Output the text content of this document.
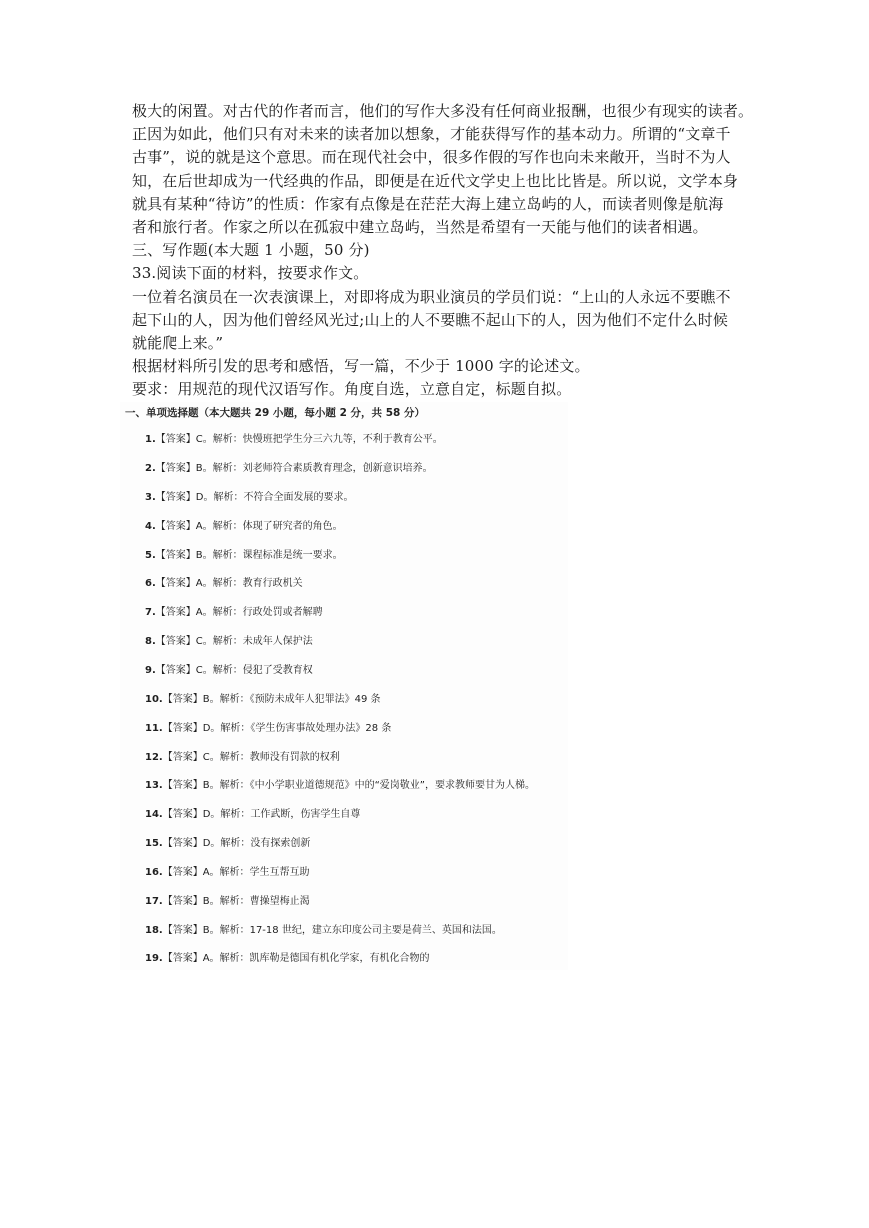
极大的闲置。对古代的作者而言，他们的写作大多没有任何商业报酬，也很少有现实的读者。
正因为如此，他们只有对未来的读者加以想象，才能获得写作的基本动力。所谓的“文章千
古事”，说的就是这个意思。而在现代社会中，很多作假的写作也向未来敞开，当时不为人
知，在后世却成为一代经典的作品，即便是在近代文学史上也比比皆是。所以说，文学本身
就具有某种“待访”的性质：作家有点像是在茫茫大海上建立岛屿的人，而读者则像是航海
者和旅行者。作家之所以在孤寂中建立岛屿，当然是希望有一天能与他们的读者相遇。
三、写作题(本大题 1 小题，50 分)
33.阅读下面的材料，按要求作文。
一位着名演员在一次表演课上，对即将成为职业演员的学员们说：“上山的人永远不要瞧不
起下山的人，因为他们曾经风光过;山上的人不要瞧不起山下的人，因为他们不定什么时候
就能爬上来。”
根据材料所引发的思考和感悟，写一篇，不少于 1000 字的论述文。
要求：用规范的现代汉语写作。角度自选，立意自定，标题自拟。
一、单项选择题（本大题共 29 小题，每小题 2 分，共 58 分）
1.【答案】C。解析：快慢班把学生分三六九等，不利于教育公平。
2.【答案】B。解析：刘老师符合素质教育理念，创新意识培养。
3.【答案】D。解析：不符合全面发展的要求。
4.【答案】A。解析：体现了研究者的角色。
5.【答案】B。解析：课程标准是统一要求。
6.【答案】A。解析：教育行政机关
7.【答案】A。解析：行政处罚或者解聘
8.【答案】C。解析：未成年人保护法
9.【答案】C。解析：侵犯了受教育权
10.【答案】B。解析：《预防未成年人犯罪法》49 条
11.【答案】D。解析：《学生伤害事故处理办法》28 条
12.【答案】C。解析：教师没有罚款的权利
13.【答案】B。解析：《中小学职业道德规范》中的“爱岗敬业”，要求教师要甘为人梯。
14.【答案】D。解析：工作武断，伤害学生自尊
15.【答案】D。解析：没有探索创新
16.【答案】A。解析：学生互帮互助
17.【答案】B。解析：曹操望梅止渴
18.【答案】B。解析：17-18 世纪，建立东印度公司主要是荷兰、英国和法国。
19.【答案】A。解析：凯库勒是德国有机化学家，有机化合物的
